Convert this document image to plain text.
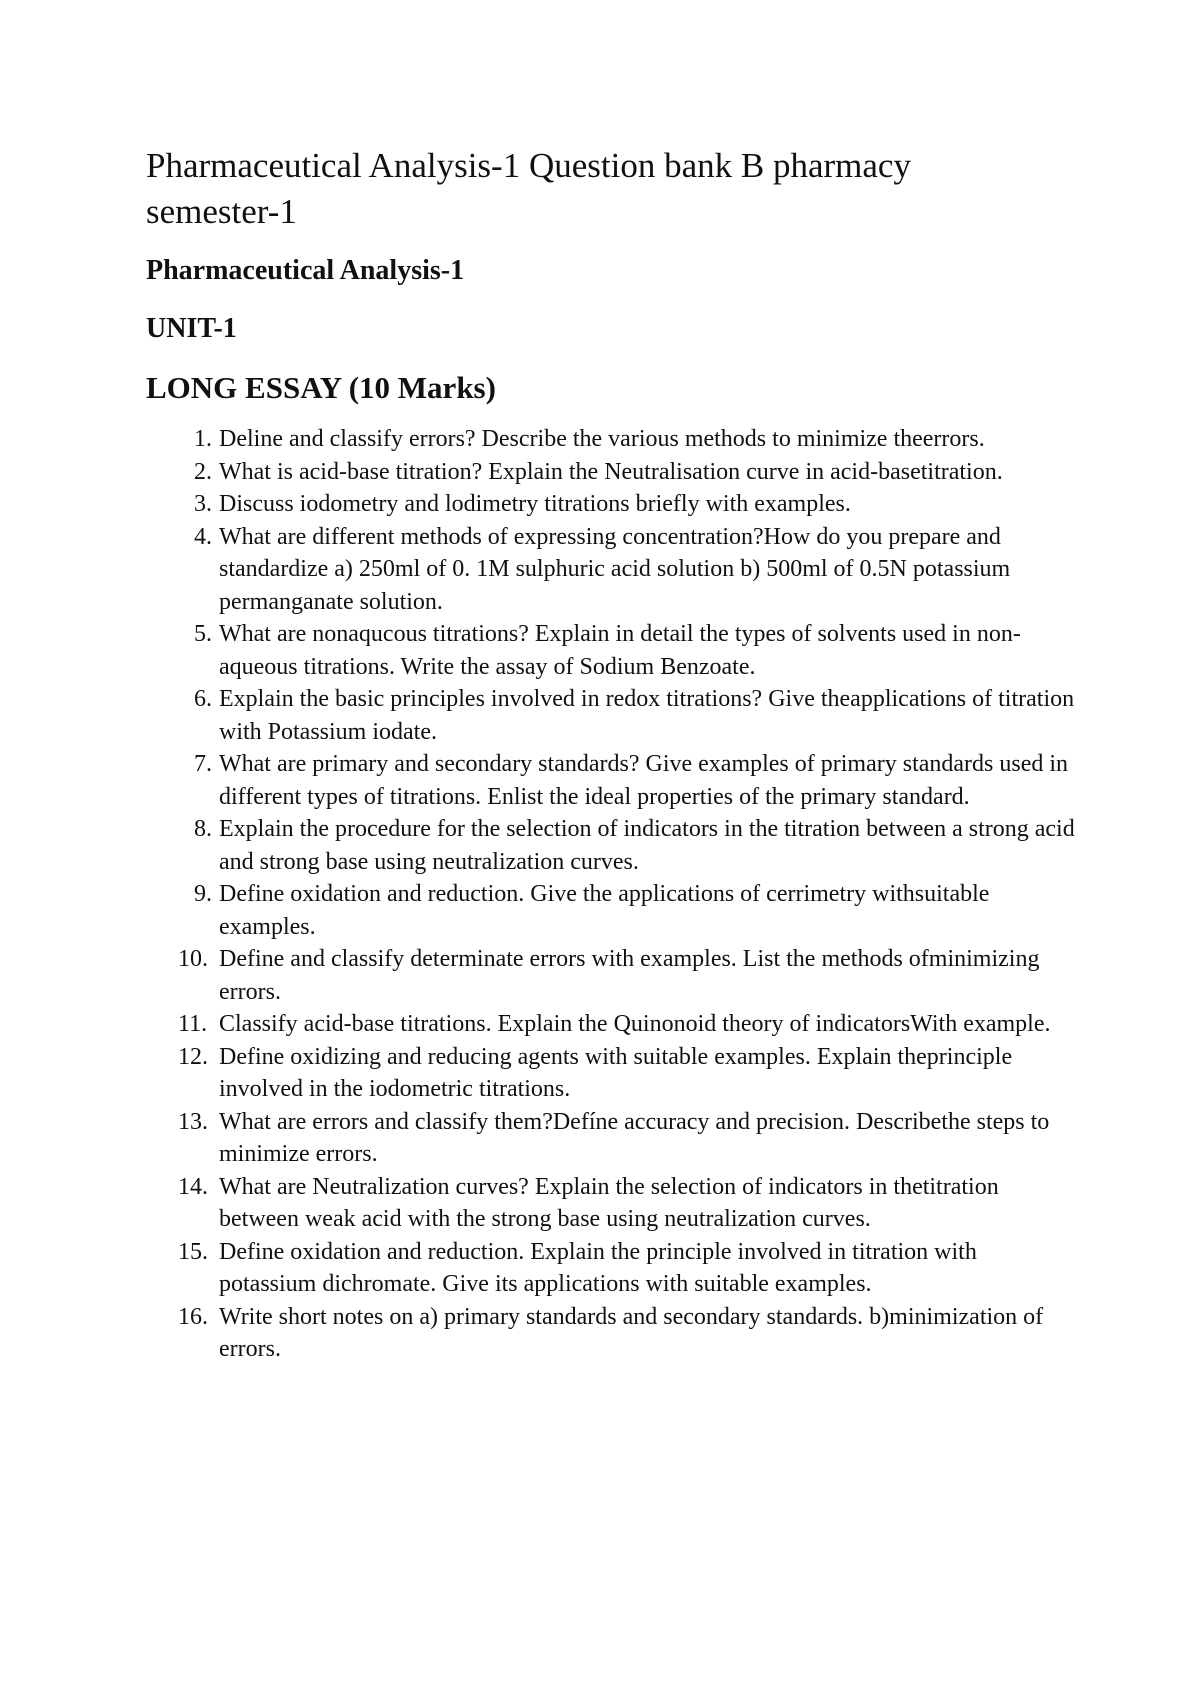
Pharmaceutical Analysis-1 Question bank B pharmacy semester-1
Pharmaceutical Analysis-1
UNIT-1
LONG ESSAY (10 Marks)
1. Deline and classify errors? Describe the various methods to minimize theerrors.
2. What is acid-base titration? Explain the Neutralisation curve in acid-basetitration.
3. Discuss iodometry and lodimetry titrations briefly with examples.
4. What are different methods of expressing concentration?How do you prepare and standardize a) 250ml of 0. 1M sulphuric acid solution b) 500ml of 0.5N potassium permanganate solution.
5. What are nonaqucous titrations? Explain in detail the types of solvents used in non-aqueous titrations. Write the assay of Sodium Benzoate.
6. Explain the basic principles involved in redox titrations? Give theapplications of titration with Potassium iodate.
7. What are primary and secondary standards? Give examples of primary standards used in different types of titrations. Enlist the ideal properties of the primary standard.
8. Explain the procedure for the selection of indicators in the titration between a strong acid and strong base using neutralization curves.
9. Define oxidation and reduction. Give the applications of cerrimetry withsuitable examples.
10. Define and classify determinate errors with examples. List the methods ofminimizing errors.
11. Classify acid-base titrations. Explain the Quinonoid theory of indicatorsWith example.
12. Define oxidizing and reducing agents with suitable examples. Explain theprinciple involved in the iodometric titrations.
13. What are errors and classify them?Defíne accuracy and precision. Describethe steps to minimize errors.
14. What are Neutralization curves? Explain the selection of indicators in thetitration between weak acid with the strong base using neutralization curves.
15. Define oxidation and reduction. Explain the principle involved in titration with potassium dichromate. Give its applications with suitable examples.
16. Write short notes on a) primary standards and secondary standards. b)minimization of errors.
